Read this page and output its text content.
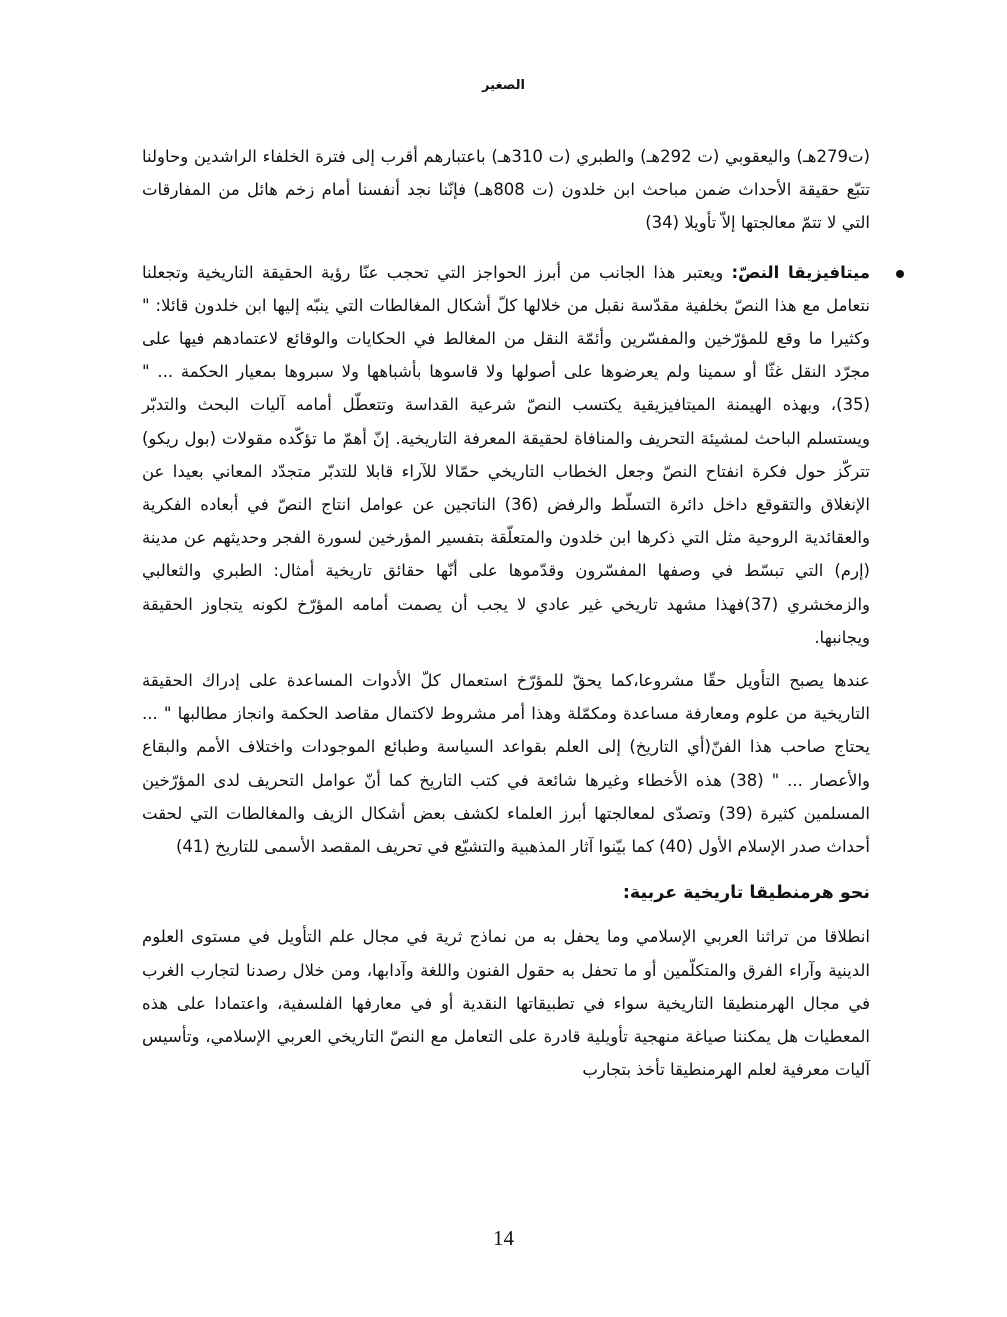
الصغير

(ت279هـ) واليعقوبي (ت 292هـ) والطبري (ت 310هـ) باعتبارهم أقرب إلى فترة الخلفاء الراشدين وحاولنا تتبّع حقيقة الأحداث ضمن مباحث ابن خلدون (ت 808هـ) فإنّنا نجد أنفسنا أمام زخم هائل من المفارقات التي لا تتمّ معالجتها إلاّ تأويلا (34)

ميتافيزيقا النصّ: ويعتبر هذا الجانب من أبرز الحواجز التي تحجب عنّا رؤية الحقيقة التاريخية وتجعلنا نتعامل مع هذا النصّ بخلفية مقدّسة نقبل من خلالها كلّ أشكال المغالطات التي ينبّه إليها ابن خلدون قائلا: " وكثيرا ما وقع للمؤرّخين والمفسّرين وأئمّة النقل من المغالط في الحكايات والوقائع لاعتمادهم فيها على مجرّد النقل غثّا أو سمينا ولم يعرضوها على أصولها ولا قاسوها بأشباهها ولا سبروها بمعيار الحكمة ... " (35)، وبهذه الهيمنة الميتافيزيقية يكتسب النصّ شرعية القداسة وتتعطّل أمامه آليات البحث والتدبّر ويستسلم الباحث لمشيئة التحريف والمنافاة لحقيقة المعرفة التاريخية. إنّ أهمّ ما تؤكّده مقولات (بول ريكو) تتركّز حول فكرة انفتاح النصّ وجعل الخطاب التاريخي حمّالا للآراء قابلا للتدبّر متجدّد المعاني بعيدا عن الإنغلاق والتقوقع داخل دائرة التسلّط والرفض (36) الناتجين عن عوامل انتاج النصّ في أبعاده الفكرية والعقائدية الروحية مثل التي ذكرها ابن خلدون والمتعلّقة بتفسير المؤرخين لسورة الفجر وحديثهم عن مدينة (إرم) التي تبسّط في وصفها المفسّرون وقدّموها على أنّها حقائق تاريخية أمثال: الطبري والثعالبي والزمخشري (37)فهذا مشهد تاريخي غير عادي لا يجب أن يصمت أمامه المؤرّخ لكونه يتجاوز الحقيقة ويجانبها.

عندها يصبح التأويل حقّا مشروعا،كما يحقّ للمؤرّخ استعمال كلّ الأدوات المساعدة على إدراك الحقيقة التاريخية من علوم ومعارفة مساعدة ومكمّلة وهذا أمر مشروط لاكتمال مقاصد الحكمة وانجاز مطالبها " ... يحتاج صاحب هذا الفنّ(أي التاريخ) إلى العلم بقواعد السياسة وطبائع الموجودات واختلاف الأمم والبقاع والأعصار ... " (38) هذه الأخطاء وغيرها شائعة في كتب التاريخ كما أنّ عوامل التحريف لدى المؤرّخين المسلمين كثيرة (39) وتصدّى لمعالجتها أبرز العلماء لكشف بعض أشكال الزيف والمغالطات التي لحقت أحداث صدر الإسلام الأول (40) كما بيّنوا آثار المذهبية والتشيّع في تحريف المقصد الأسمى للتاريخ (41)

نحو هرمنطيقا تاريخية عربية:

انطلاقا من تراثنا العربي الإسلامي وما يحفل به من نماذج ثرية في مجال علم التأويل في مستوى العلوم الدينية وآراء الفرق والمتكلّمين أو ما تحفل به حقول الفنون واللغة وآدابها، ومن خلال رصدنا لتجارب الغرب في مجال الهرمنطيقا التاريخية سواء في تطبيقاتها النقدية أو في معارفها الفلسفية، واعتمادا على هذه المعطيات هل يمكننا صياغة منهجية تأويلية قادرة على التعامل مع النصّ التاريخي العربي الإسلامي، وتأسيس آليات معرفية لعلم الهرمنطيقا تأخذ بتجارب

14
